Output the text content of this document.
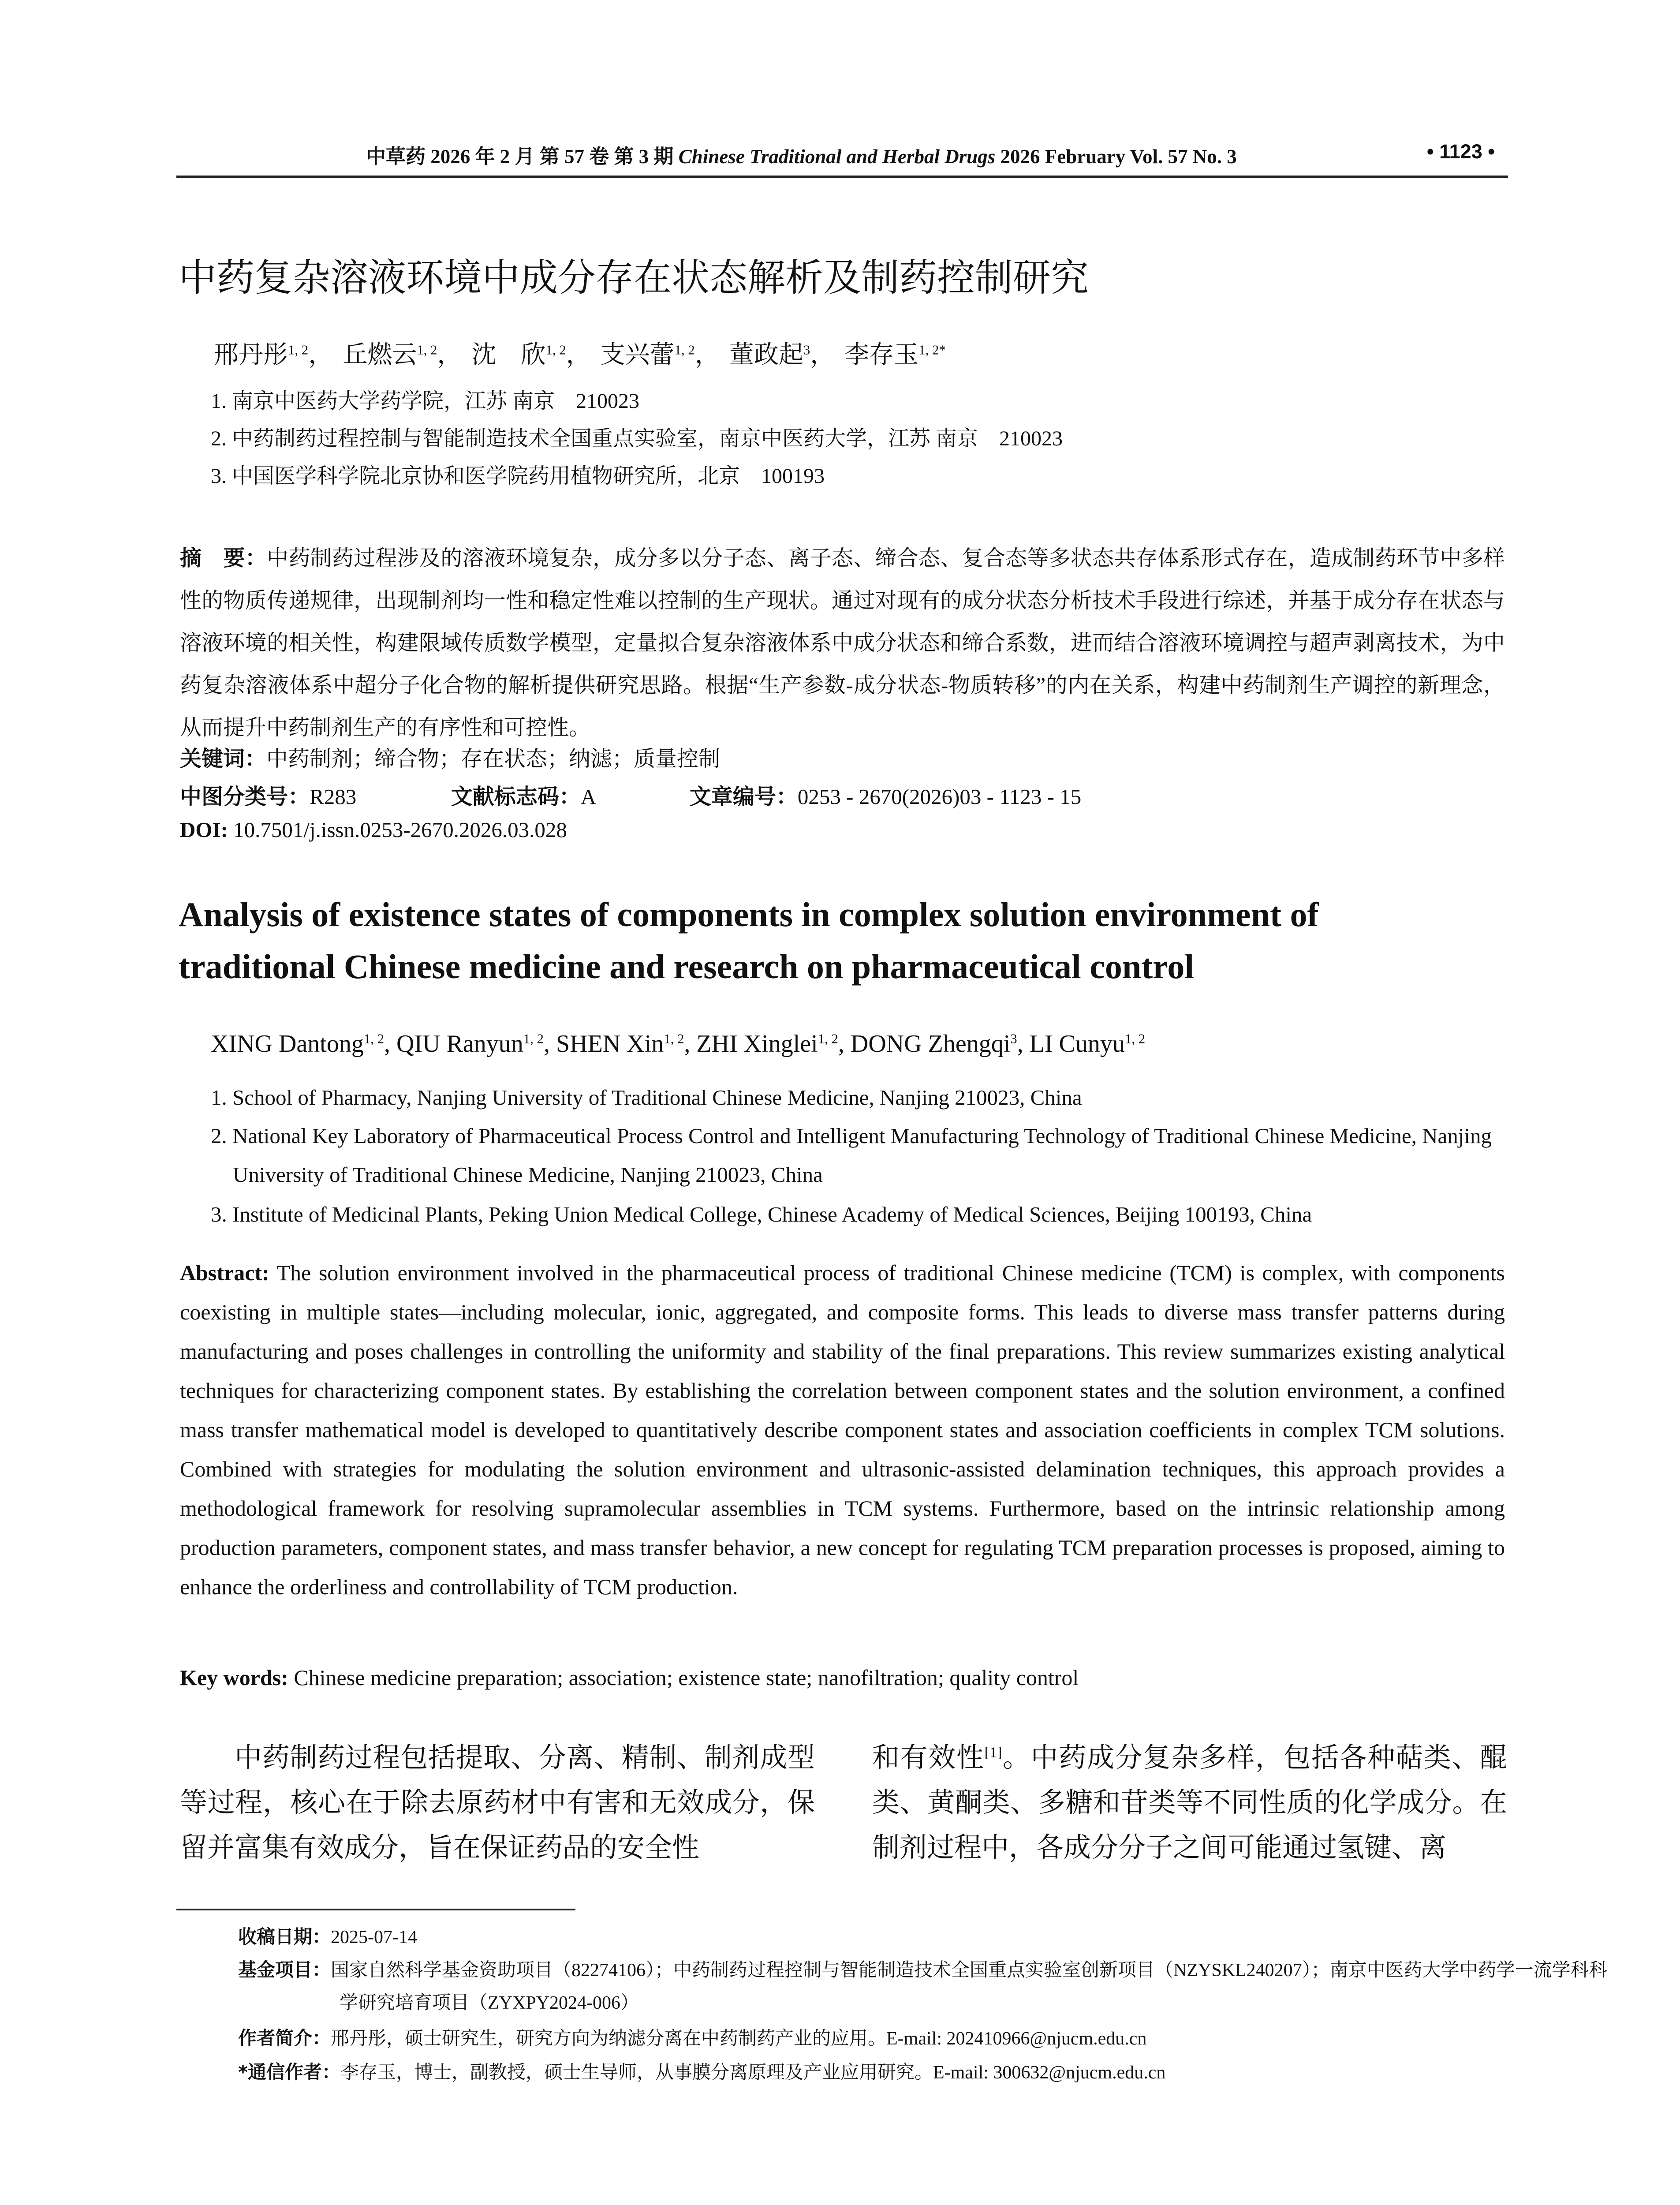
中草药 2026 年 2 月 第 57 卷 第 3 期 Chinese Traditional and Herbal Drugs 2026 February Vol. 57 No. 3	• 1123 •
中药复杂溶液环境中成分存在状态解析及制药控制研究
邢丹彤$^{1, 2}$， 丘燃云$^{1, 2}$， 沈　欣$^{1, 2}$， 支兴蕾$^{1, 2}$， 董政起$^3$， 李存玉$^{1, 2*}$
1. 南京中医药大学药学院，江苏 南京　210023
2. 中药制药过程控制与智能制造技术全国重点实验室，南京中医药大学，江苏 南京　210023
3. 中国医学科学院北京协和医学院药用植物研究所，北京　100193
摘　要：中药制药过程涉及的溶液环境复杂，成分多以分子态、离子态、缔合态、复合态等多状态共存体系形式存在，造成制药环节中多样性的物质传递规律，出现制剂均一性和稳定性难以控制的生产现状。通过对现有的成分状态分析技术手段进行综述，并基于成分存在状态与溶液环境的相关性，构建限域传质数学模型，定量拟合复杂溶液体系中成分状态和缔合系数，进而结合溶液环境调控与超声剥离技术，为中药复杂溶液体系中超分子化合物的解析提供研究思路。根据“生产参数-成分状态-物质转移”的内在关系，构建中药制剂生产调控的新理念，从而提升中药制剂生产的有序性和可控性。
关键词：中药制剂；缔合物；存在状态；纳滤；质量控制
中图分类号：R283	文献标志码：A	文章编号：0253 - 2670(2026)03 - 1123 - 15
DOI: 10.7501/j.issn.0253-2670.2026.03.028
Analysis of existence states of components in complex solution environment of
traditional Chinese medicine and research on pharmaceutical control
XING Dantong$^{1, 2}$, QIU Ranyun$^{1, 2}$, SHEN Xin$^{1, 2}$, ZHI Xinglei$^{1, 2}$, DONG Zhengqi$^3$, LI Cunyu$^{1, 2}$
1. School of Pharmacy, Nanjing University of Traditional Chinese Medicine, Nanjing 210023, China
2. National Key Laboratory of Pharmaceutical Process Control and Intelligent Manufacturing Technology of Traditional Chinese Medicine, Nanjing University of Traditional Chinese Medicine, Nanjing 210023, China
3. Institute of Medicinal Plants, Peking Union Medical College, Chinese Academy of Medical Sciences, Beijing 100193, China
Abstract: The solution environment involved in the pharmaceutical process of traditional Chinese medicine (TCM) is complex, with components coexisting in multiple states—including molecular, ionic, aggregated, and composite forms. This leads to diverse mass transfer patterns during manufacturing and poses challenges in controlling the uniformity and stability of the final preparations. This review summarizes existing analytical techniques for characterizing component states. By establishing the correlation between component states and the solution environment, a confined mass transfer mathematical model is developed to quantitatively describe component states and association coefficients in complex TCM solutions. Combined with strategies for modulating the solution environment and ultrasonic-assisted delamination techniques, this approach provides a methodological framework for resolving supramolecular assemblies in TCM systems. Furthermore, based on the intrinsic relationship among production parameters, component states, and mass transfer behavior, a new concept for regulating TCM preparation processes is proposed, aiming to enhance the orderliness and controllability of TCM production.
Key words: Chinese medicine preparation; association; existence state; nanofiltration; quality control
中药制药过程包括提取、分离、精制、制剂成型等过程，核心在于除去原药材中有害和无效成分，保留并富集有效成分，旨在保证药品的安全性
和有效性[1]。中药成分复杂多样，包括各种萜类、醌类、黄酮类、多糖和苷类等不同性质的化学成分。在制剂过程中，各成分分子之间可能通过氢键、离
收稿日期：2025-07-14
基金项目：国家自然科学基金资助项目（82274106）；中药制药过程控制与智能制造技术全国重点实验室创新项目（NZYSKL240207）；南京中医药大学中药学一流学科科学研究培育项目（ZYXPY2024-006）
作者简介：邢丹彤，硕士研究生，研究方向为纳滤分离在中药制药产业的应用。E-mail: 202410966@njucm.edu.cn
*通信作者：李存玉，博士，副教授，硕士生导师，从事膜分离原理及产业应用研究。E-mail: 300632@njucm.edu.cn
